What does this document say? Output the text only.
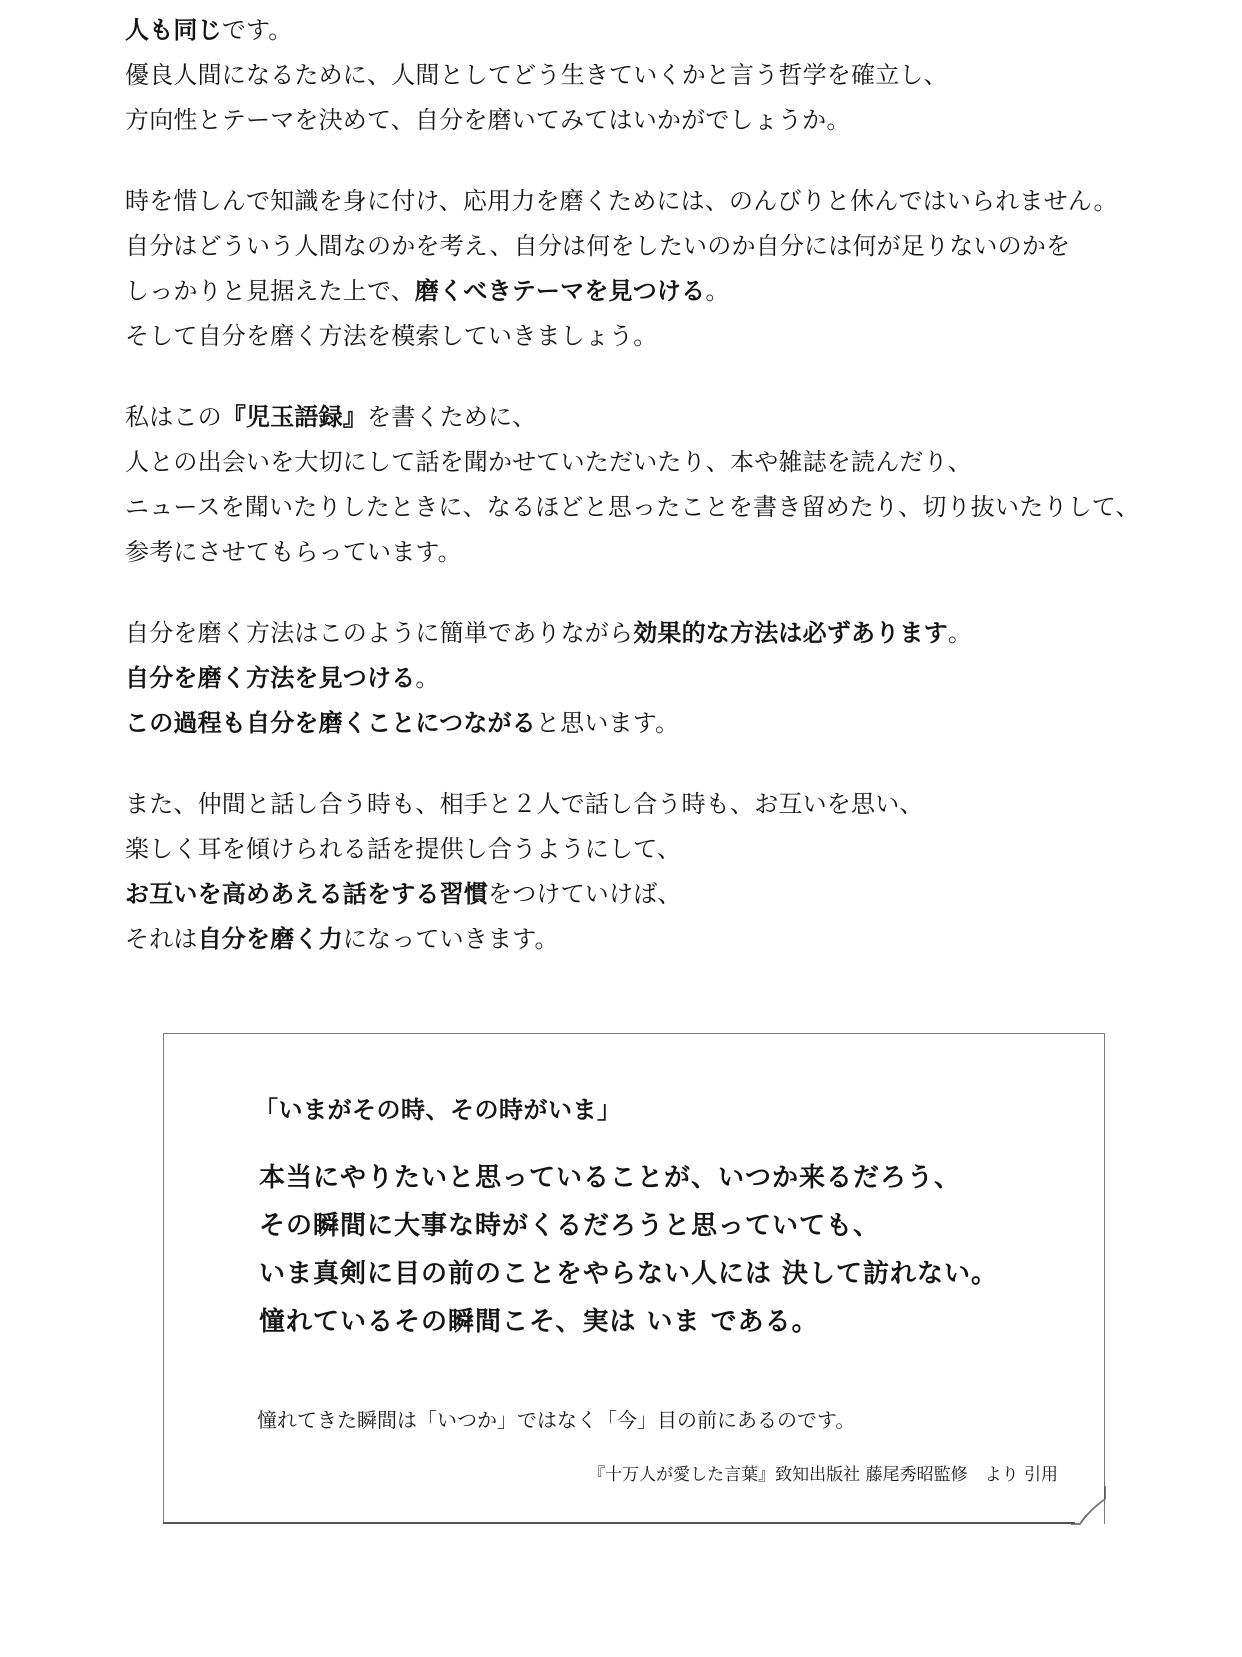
人も同じです。
優良人間になるために、人間としてどう生きていくかと言う哲学を確立し、
方向性とテーマを決めて、自分を磨いてみてはいかがでしょうか。
時を惜しんで知識を身に付け、応用力を磨くためには、のんびりと休んではいられません。
自分はどういう人間なのかを考え、自分は何をしたいのか自分には何が足りないのかを
しっかりと見据えた上で、磨くべきテーマを見つける。
そして自分を磨く方法を模索していきましょう。
私はこの『児玉語録』を書くために、
人との出会いを大切にして話を聞かせていただいたり、本や雑誌を読んだり、
ニュースを聞いたりしたときに、なるほどと思ったことを書き留めたり、切り抜いたりして、
参考にさせてもらっています。
自分を磨く方法はこのように簡単でありながら効果的な方法は必ずあります。
自分を磨く方法を見つける。
この過程も自分を磨くことにつながると思います。
また、仲間と話し合う時も、相手と２人で話し合う時も、お互いを思い、
楽しく耳を傾けられる話を提供し合うようにして、
お互いを高めあえる話をする習慣をつけていけば、
それは自分を磨く力になっていきます。
「いまがその時、その時がいま」
本当にやりたいと思っていることが、いつか来るだろう、
その瞬間に大事な時がくるだろうと思っていても、
いま真剣に目の前のことをやらない人には 決して訪れない。
憧れているその瞬間こそ、実は いま である。
憧れてきた瞬間は「いつか」ではなく「今」目の前にあるのです。
『十万人が愛した言葉』致知出版社 藤尾秀昭監修　より 引用
